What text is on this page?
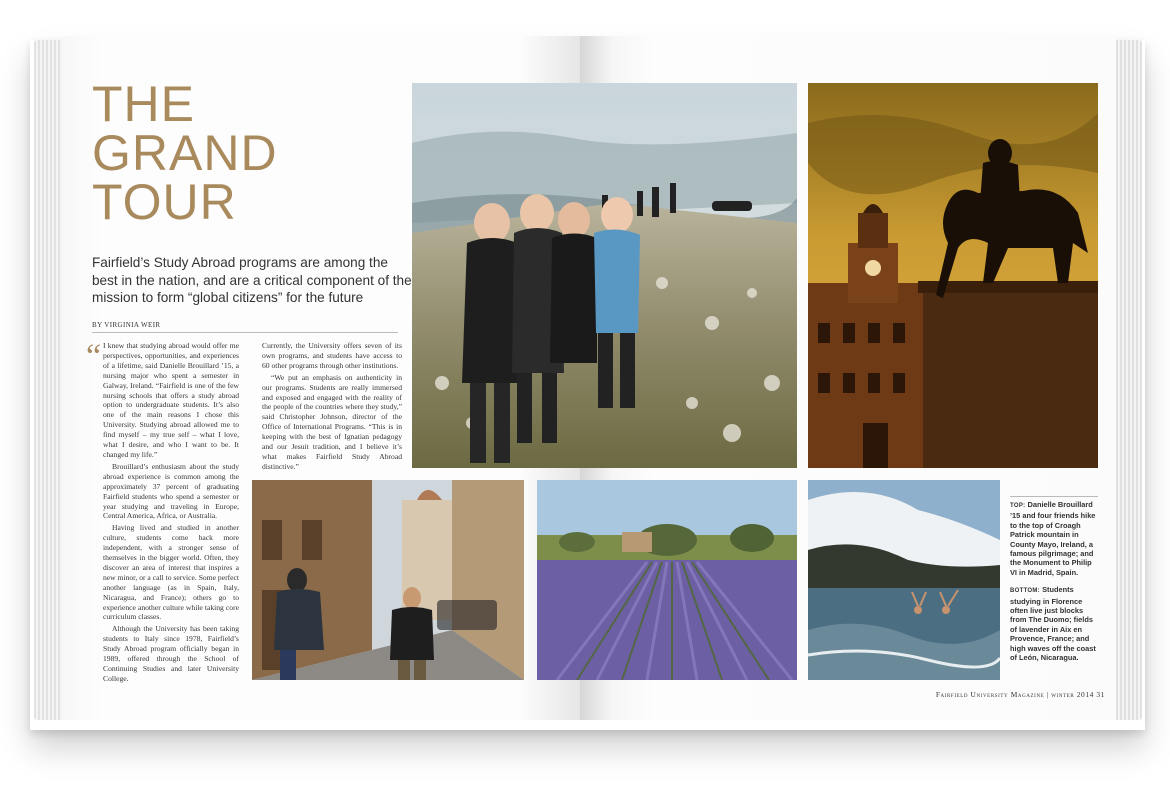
THE
GRAND
TOUR

Fairfield’s Study Abroad programs are among the best in the nation, and are a critical component of the mission to form “global citizens” for the future

BY VIRGINIA WEIR
“ I knew that studying abroad would offer me perspectives, opportunities, and experiences of a lifetime, said Danielle Brouillard ’15, a nursing major who spent a semester in Galway, Ireland. “Fairfield is one of the few nursing schools that offers a study abroad option to undergraduate students. It’s also one of the main reasons I chose this University. Studying abroad allowed me to find myself – my true self – what I love, what I desire, and who I want to be. It changed my life.”

Brouillard’s enthusiasm about the study abroad experience is common among the approximately 37 percent of graduating Fairfield students who spend a semester or year studying and traveling in Europe, Central America, Africa, or Australia.

Having lived and studied in another culture, students come back more independent, with a stronger sense of themselves in the bigger world. Often, they discover an area of interest that inspires a new minor, or a call to service. Some perfect another language (as in Spain, Italy, Nicaragua, and France); others go to experience another culture while taking core curriculum classes.

Although the University has been taking students to Italy since 1978, Fairfield’s Study Abroad program officially began in 1989, offered through the School of Continuing Studies and later University College.

Currently, the University offers seven of its own programs, and students have access to 60 other programs through other institutions.

“We put an emphasis on authenticity in our programs. Students are really immersed and exposed and engaged with the reality of the people of the countries where they study,” said Christopher Johnson, director of the Office of International Programs. “This is in keeping with the best of Ignatian pedagogy and our Jesuit tradition, and I believe it’s what makes Fairfield Study Abroad distinctive.”

TOP: Danielle Brouillard ’15 and four friends hike to the top of Croagh Patrick mountain in County Mayo, Ireland, a famous pilgrimage; and the Monument to Philip VI in Madrid, Spain.

BOTTOM: Students studying in Florence often live just blocks from The Duomo; fields of lavender in Aix en Provence, France; and high waves off the coast of León, Nicaragua.

Fairfield University Magazine | winter 2014 31
